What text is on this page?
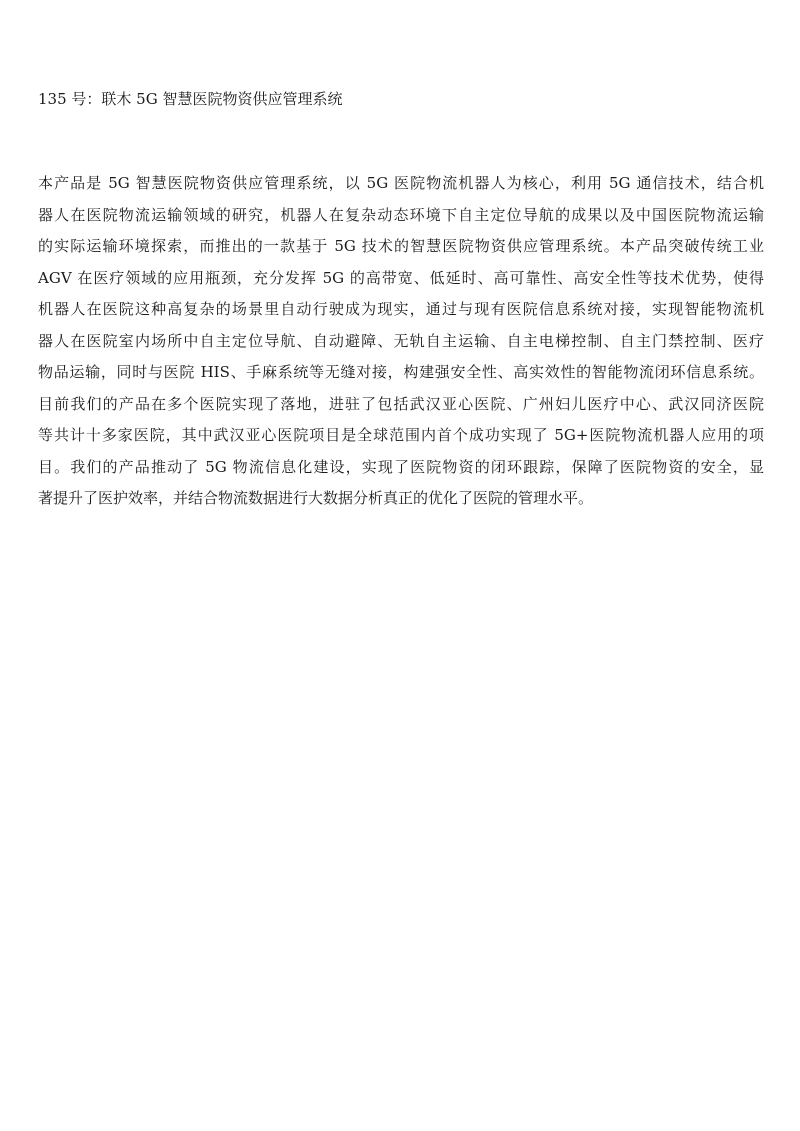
135 号：联木 5G 智慧医院物资供应管理系统
本产品是 5G 智慧医院物资供应管理系统，以 5G 医院物流机器人为核心，利用 5G 通信技术，结合机
器人在医院物流运输领域的研究，机器人在复杂动态环境下自主定位导航的成果以及中国医院物流运输
的实际运输环境探索，而推出的一款基于 5G 技术的智慧医院物资供应管理系统。本产品突破传统工业
AGV 在医疗领域的应用瓶颈，充分发挥 5G 的高带宽、低延时、高可靠性、高安全性等技术优势，使得
机器人在医院这种高复杂的场景里自动行驶成为现实，通过与现有医院信息系统对接，实现智能物流机
器人在医院室内场所中自主定位导航、自动避障、无轨自主运输、自主电梯控制、自主门禁控制、医疗
物品运输，同时与医院 HIS、手麻系统等无缝对接，构建强安全性、高实效性的智能物流闭环信息系统。
目前我们的产品在多个医院实现了落地，进驻了包括武汉亚心医院、广州妇儿医疗中心、武汉同济医院
等共计十多家医院，其中武汉亚心医院项目是全球范围内首个成功实现了 5G+医院物流机器人应用的项
目。我们的产品推动了 5G 物流信息化建设，实现了医院物资的闭环跟踪，保障了医院物资的安全，显
著提升了医护效率，并结合物流数据进行大数据分析真正的优化了医院的管理水平。
